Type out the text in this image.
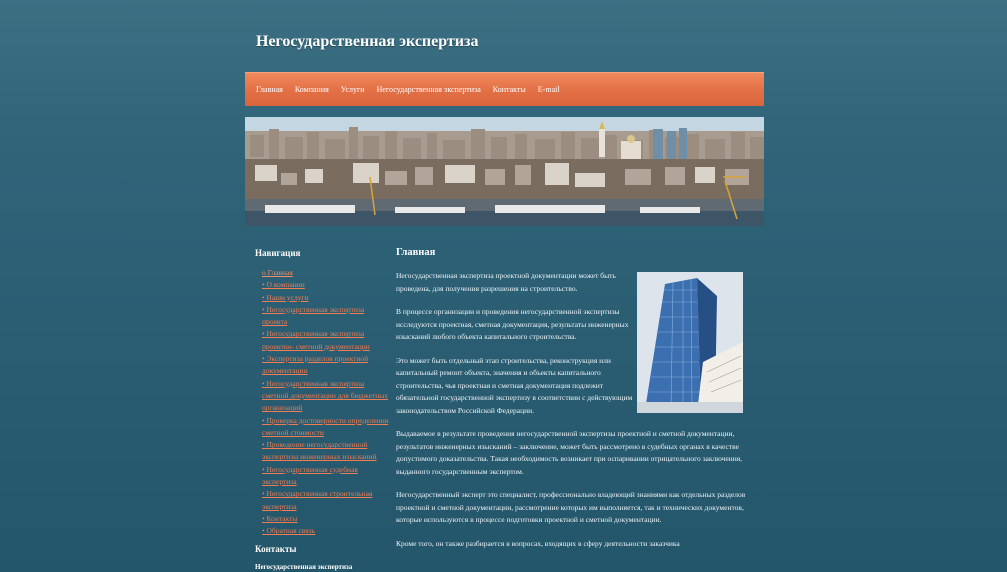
Негосударственная экспертиза
Главная Компания Услуги Негосударственная экспертиза Контакты E-mail
Навигация
о Главная
• О компании
• Наши услуги
• Негосударственная экспертиза проекта
• Негосударственная экспертиза проектно- сметной документации
• Экспертиза разделов проектной документации
• Негосударственная экспертиза сметной документации для бюджетных организаций
• Проверка достоверности определения сметной стоимости
• Проведение негосударственной экспертизы инженерных изысканий
• Негосударственная судебная экспертиза
• Негосударственная строительная экспертиза
• Контакты
• Обратная связь
Контакты
Негосударственная экспертиза
Главная

Негосударственная экспертиза проектной документации может быть проведена, для получения разрешения на строительство.

В процессе организации и проведения негосударственной экспертизы исследуются проектная, сметная документация, результаты инженерных изысканий любого объекта капитального строительства.

Это может быть отдельный этап строительства, реконструкция или капитальный ремонт объекта, значения и объекты капитального строительства, чья проектная и сметная документация подлежит обязательной государственной экспертизу в соответствии с действующим законодательством Российской Федерации.

Выдаваемое в результате проведения негосударственной экспертизы проектной и сметной документации, результатов инженерных изысканий – заключение, может быть рассмотрено в судебных органах в качестве допустимого доказательства. Такая необходимость возникает при оспаривании отрицательного заключения, выданного государственным экспертом.

Негосударственный эксперт это специалист, профессионально владеющий знаниями как отдельных разделов проектной и сметной документации, рассмотрение которых им выполняется, так и технических документов, которые используются в процессе подготовки проектной и сметной документации.

Кроме того, он также разбирается в вопросах, входящих в сферу деятельности заказчика
